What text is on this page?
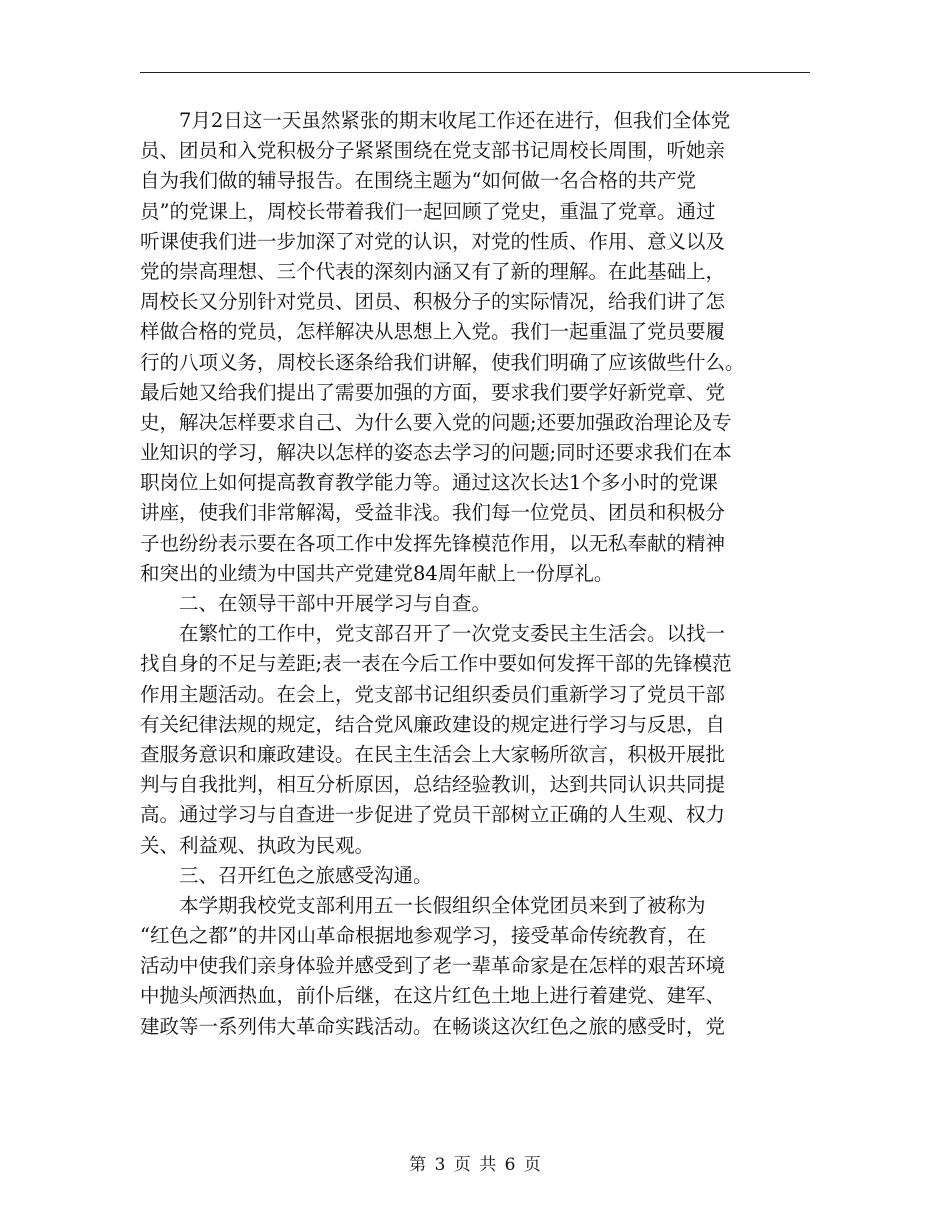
　　7月2日这一天虽然紧张的期末收尾工作还在进行，但我们全体党
员、团员和入党积极分子紧紧围绕在党支部书记周校长周围，听她亲
自为我们做的辅导报告。在围绕主题为“如何做一名合格的共产党
员”的党课上，周校长带着我们一起回顾了党史，重温了党章。通过
听课使我们进一步加深了对党的认识，对党的性质、作用、意义以及
党的崇高理想、三个代表的深刻内涵又有了新的理解。在此基础上，
周校长又分别针对党员、团员、积极分子的实际情况，给我们讲了怎
样做合格的党员，怎样解决从思想上入党。我们一起重温了党员要履
行的八项义务，周校长逐条给我们讲解，使我们明确了应该做些什么。
最后她又给我们提出了需要加强的方面，要求我们要学好新党章、党
史，解决怎样要求自己、为什么要入党的问题;还要加强政治理论及专
业知识的学习，解决以怎样的姿态去学习的问题;同时还要求我们在本
职岗位上如何提高教育教学能力等。通过这次长达1个多小时的党课
讲座，使我们非常解渴，受益非浅。我们每一位党员、团员和积极分
子也纷纷表示要在各项工作中发挥先锋模范作用，以无私奉献的精神
和突出的业绩为中国共产党建党84周年献上一份厚礼。
　　二、在领导干部中开展学习与自查。
　　在繁忙的工作中，党支部召开了一次党支委民主生活会。以找一
找自身的不足与差距;表一表在今后工作中要如何发挥干部的先锋模范
作用主题活动。在会上，党支部书记组织委员们重新学习了党员干部
有关纪律法规的规定，结合党风廉政建设的规定进行学习与反思，自
查服务意识和廉政建设。在民主生活会上大家畅所欲言，积极开展批
判与自我批判，相互分析原因，总结经验教训，达到共同认识共同提
高。通过学习与自查进一步促进了党员干部树立正确的人生观、权力
关、利益观、执政为民观。
　　三、召开红色之旅感受沟通。
　　本学期我校党支部利用五一长假组织全体党团员来到了被称为
“红色之都”的井冈山革命根据地参观学习，接受革命传统教育，在
活动中使我们亲身体验并感受到了老一辈革命家是在怎样的艰苦环境
中抛头颅洒热血，前仆后继，在这片红色土地上进行着建党、建军、
建政等一系列伟大革命实践活动。在畅谈这次红色之旅的感受时，党
第 3 页 共 6 页
